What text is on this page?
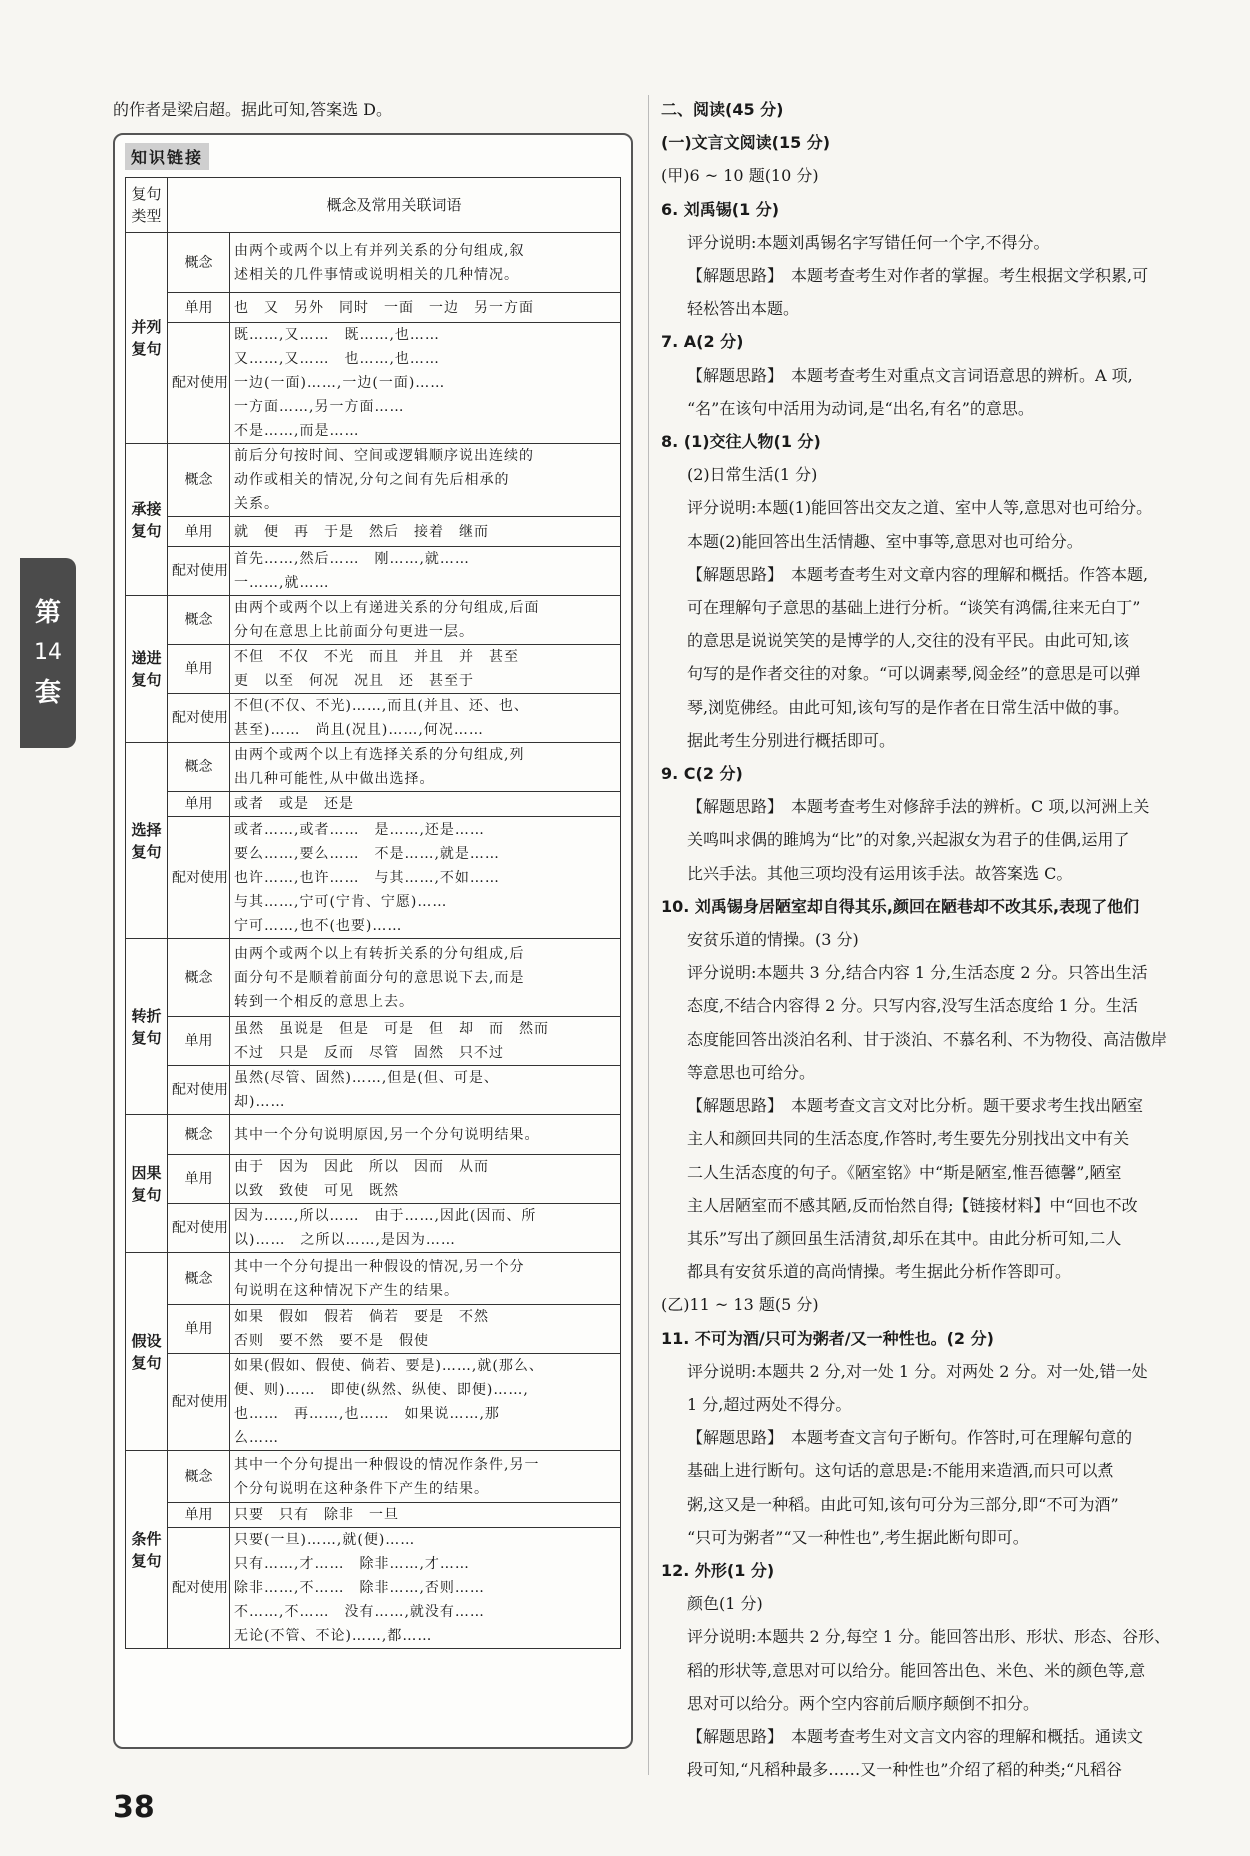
的作者是梁启超。据此可知,答案选 D。
知识链接
复句类型	概念及常用关联词语	
并列复句	概念	由两个或两个以上有并列关系的分句组成,叙
述相关的几件事情或说明相关的几种情况。

	单用	也　又　另外　同时　一面　一边　另一方面

	配对使用	既……,又……　既……,也……
又……,又……　也……,也……
一边(一面)……,一边(一面)……
一方面……,另一方面……
不是……,而是……

承接复句	概念	前后分句按时间、空间或逻辑顺序说出连续的
动作或相关的情况,分句之间有先后相承的
关系。

	单用	就　便　再　于是　然后　接着　继而

	配对使用	首先……,然后……　刚……,就……
一……,就……

递进复句	概念	由两个或两个以上有递进关系的分句组成,后面
分句在意思上比前面分句更进一层。

	单用	不但　不仅　不光　而且　并且　并　甚至
更　以至　何况　况且　还　甚至于

	配对使用	不但(不仅、不光)……,而且(并且、还、也、
甚至)……　尚且(况且)……,何况……

选择复句	概念	由两个或两个以上有选择关系的分句组成,列
出几种可能性,从中做出选择。

	单用	或者　或是　还是

	配对使用	或者……,或者……　是……,还是……
要么……,要么……　不是……,就是……
也许……,也许……　与其……,不如……
与其……,宁可(宁肯、宁愿)……
宁可……,也不(也要)……

转折复句	概念	由两个或两个以上有转折关系的分句组成,后
面分句不是顺着前面分句的意思说下去,而是
转到一个相反的意思上去。

	单用	虽然　虽说是　但是　可是　但　却　而　然而
不过　只是　反而　尽管　固然　只不过

	配对使用	虽然(尽管、固然)……,但是(但、可是、
却)……

因果复句	概念	其中一个分句说明原因,另一个分句说明结果。

	单用	由于　因为　因此　所以　因而　从而
以致　致使　可见　既然

	配对使用	因为……,所以……　由于……,因此(因而、所
以)……　之所以……,是因为……

假设复句	概念	其中一个分句提出一种假设的情况,另一个分
句说明在这种情况下产生的结果。

	单用	如果　假如　假若　倘若　要是　不然
否则　要不然　要不是　假使

	配对使用	如果(假如、假使、倘若、要是)……,就(那么、
便、则)……　即使(纵然、纵使、即便)……,
也……　再……,也……　如果说……,那
么……

条件复句	概念	其中一个分句提出一种假设的情况作条件,另一
个分句说明在这种条件下产生的结果。

	单用	只要　只有　除非　一旦

	配对使用	只要(一旦)……,就(便)……
只有……,才……　除非……,才……
除非……,不……　除非……,否则……
不……,不……　没有……,就没有……
无论(不管、不论)……,都……
第
14
套
38

二、阅读(45 分)

(一)文言文阅读(15 分)

(甲)6 ~ 10 题(10 分)

6. 刘禹锡(1 分)

评分说明:本题刘禹锡名字写错任何一个字,不得分。

【解题思路】　本题考查考生对作者的掌握。考生根据文学积累,可

轻松答出本题。

7. A(2 分)

【解题思路】　本题考查考生对重点文言词语意思的辨析。A 项,

“名”在该句中活用为动词,是“出名,有名”的意思。

8. (1)交往人物(1 分)

(2)日常生活(1 分)

评分说明:本题(1)能回答出交友之道、室中人等,意思对也可给分。

本题(2)能回答出生活情趣、室中事等,意思对也可给分。

【解题思路】　本题考查考生对文章内容的理解和概括。作答本题,

可在理解句子意思的基础上进行分析。“谈笑有鸿儒,往来无白丁”

的意思是说说笑笑的是博学的人,交往的没有平民。由此可知,该

句写的是作者交往的对象。“可以调素琴,阅金经”的意思是可以弹

琴,浏览佛经。由此可知,该句写的是作者在日常生活中做的事。

据此考生分别进行概括即可。

9. C(2 分)

【解题思路】　本题考查考生对修辞手法的辨析。C 项,以河洲上关

关鸣叫求偶的雎鸠为“比”的对象,兴起淑女为君子的佳偶,运用了

比兴手法。其他三项均没有运用该手法。故答案选 C。

10. 刘禹锡身居陋室却自得其乐,颜回在陋巷却不改其乐,表现了他们

安贫乐道的情操。(3 分)

评分说明:本题共 3 分,结合内容 1 分,生活态度 2 分。只答出生活

态度,不结合内容得 2 分。只写内容,没写生活态度给 1 分。生活

态度能回答出淡泊名利、甘于淡泊、不慕名利、不为物役、高洁傲岸

等意思也可给分。

【解题思路】　本题考查文言文对比分析。题干要求考生找出陋室

主人和颜回共同的生活态度,作答时,考生要先分别找出文中有关

二人生活态度的句子。《陋室铭》中“斯是陋室,惟吾德馨”,陋室

主人居陋室而不感其陋,反而怡然自得;【链接材料】中“回也不改

其乐”写出了颜回虽生活清贫,却乐在其中。由此分析可知,二人

都具有安贫乐道的高尚情操。考生据此分析作答即可。

(乙)11 ~ 13 题(5 分)

11. 不可为酒/只可为粥者/又一种性也。(2 分)

评分说明:本题共 2 分,对一处 1 分。对两处 2 分。对一处,错一处

1 分,超过两处不得分。

【解题思路】　本题考查文言句子断句。作答时,可在理解句意的

基础上进行断句。这句话的意思是:不能用来造酒,而只可以煮

粥,这又是一种稻。由此可知,该句可分为三部分,即“不可为酒”

“只可为粥者”“又一种性也”,考生据此断句即可。

12. 外形(1 分)

颜色(1 分)

评分说明:本题共 2 分,每空 1 分。能回答出形、形状、形态、谷形、

稻的形状等,意思对可以给分。能回答出色、米色、米的颜色等,意

思对可以给分。两个空内容前后顺序颠倒不扣分。

【解题思路】　本题考查考生对文言文内容的理解和概括。通读文

段可知,“凡稻种最多……又一种性也”介绍了稻的种类;“凡稻谷
